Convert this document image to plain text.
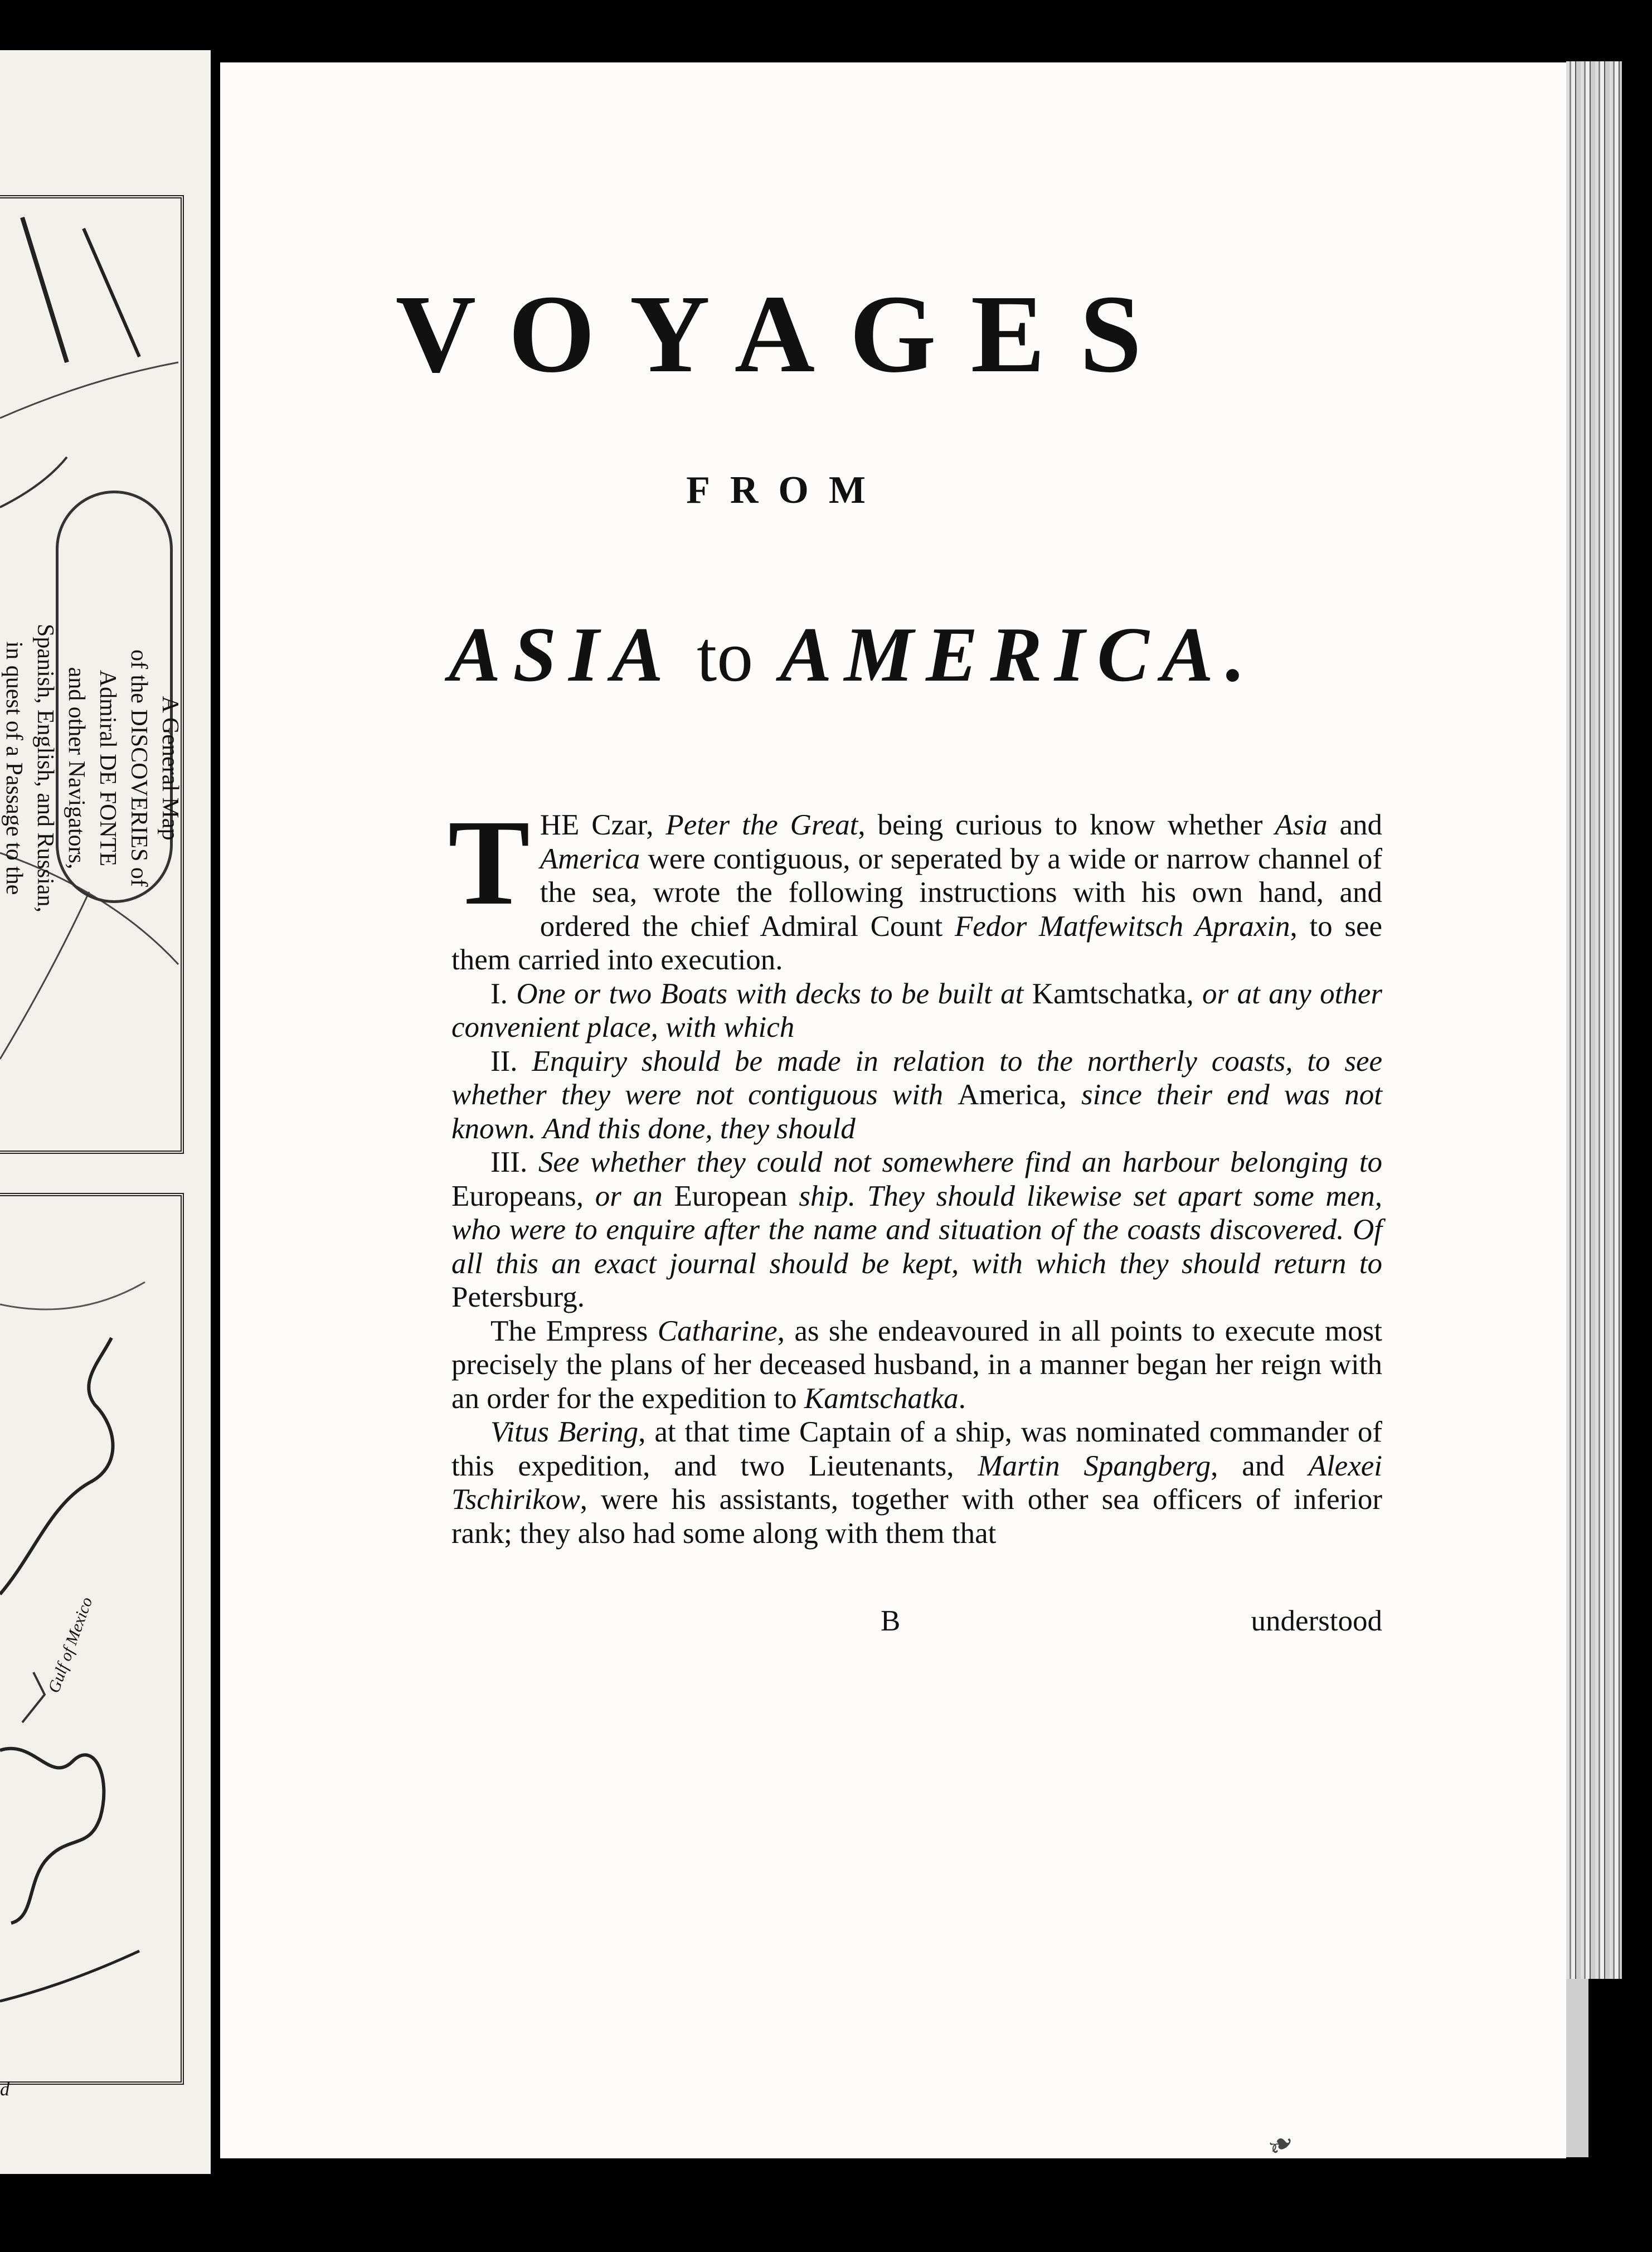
A General Map
of the DISCOVERIES of
Admiral DE FONTE
and other Navigators,
Spanish, English, and Russian,
in quest of a Passage to the
Gulf of Mexico
d
VOYAGES
FROM
ASIA to AMERICA.

THE Czar, Peter the Great, being curious to know whether Asia and America were contiguous, or seperated by a wide or narrow channel of the sea, wrote the following instructions with his own hand, and ordered the chief Admiral Count Fedor Matfewitsch Apraxin, to see them carried into execution.

I. One or two Boats with decks to be built at Kamtschatka, or at any other convenient place, with which

II. Enquiry should be made in relation to the northerly coasts, to see whether they were not contiguous with America, since their end was not known. And this done, they should

III. See whether they could not somewhere find an harbour belonging to Europeans, or an European ship. They should likewise set apart some men, who were to enquire after the name and situation of the coasts discovered. Of all this an exact journal should be kept, with which they should return to Petersburg.

The Empress Catharine, as she endeavoured in all points to execute most precisely the plans of her deceased husband, in a manner began her reign with an order for the expedition to Kamtschatka.

Vitus Bering, at that time Captain of a ship, was nominated commander of this expedition, and two Lieutenants, Martin Spangberg, and Alexei Tschirikow, were his assistants, together with other sea officers of inferior rank; they also had some along with them that

B	understood
❧
